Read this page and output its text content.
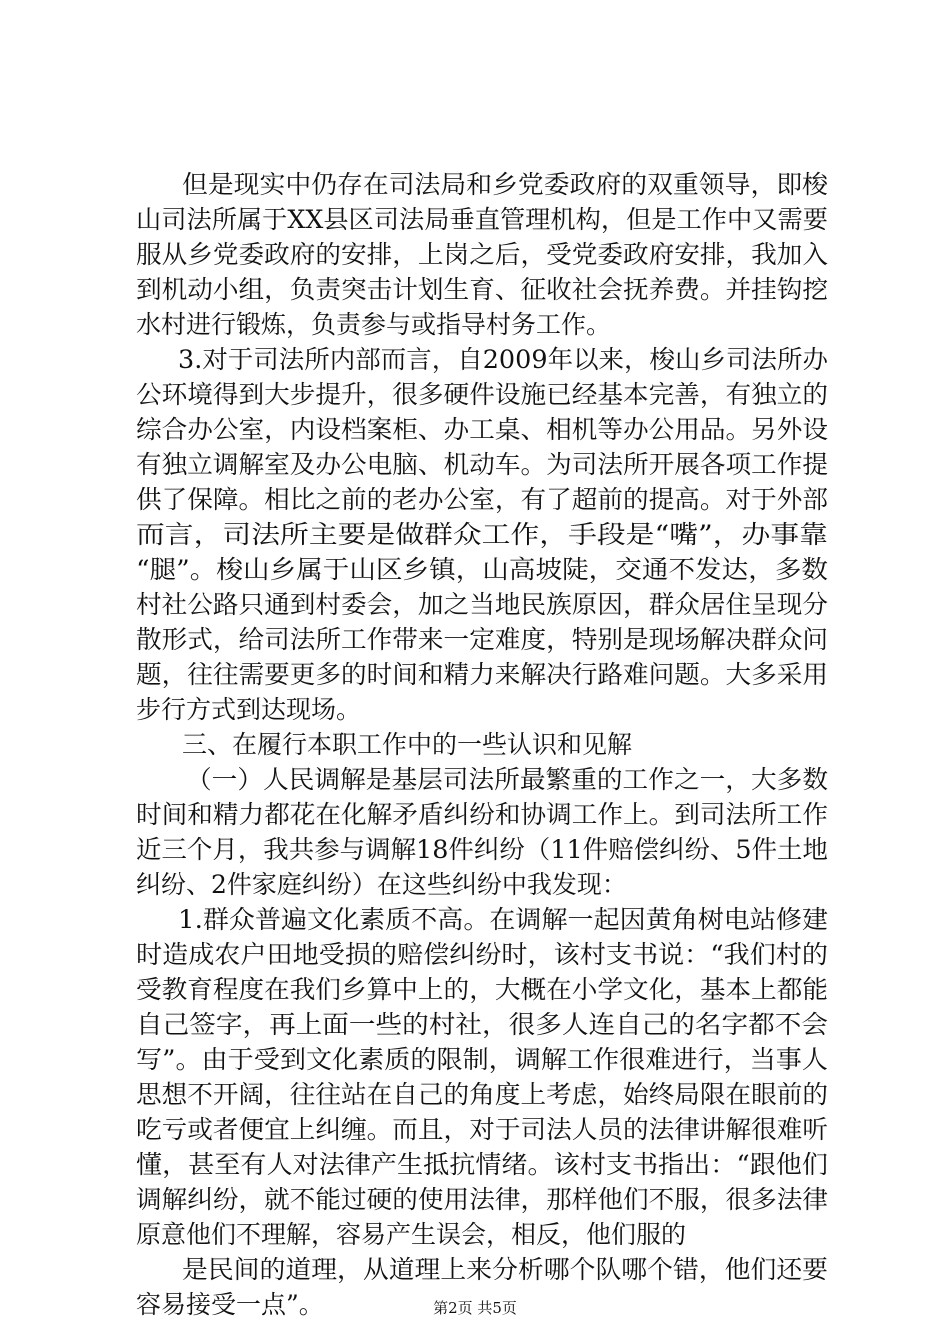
但是现实中仍存在司法局和乡党委政府的双重领导，即梭
山司法所属于XX县区司法局垂直管理机构，但是工作中又需要
服从乡党委政府的安排，上岗之后，受党委政府安排，我加入
到机动小组，负责突击计划生育、征收社会抚养费。并挂钩挖
水村进行锻炼，负责参与或指导村务工作。
3.对于司法所内部而言，自2009年以来，梭山乡司法所办
公环境得到大步提升，很多硬件设施已经基本完善，有独立的
综合办公室，内设档案柜、办工桌、相机等办公用品。另外设
有独立调解室及办公电脑、机动车。为司法所开展各项工作提
供了保障。相比之前的老办公室，有了超前的提高。对于外部
而言，司法所主要是做群众工作，手段是“嘴”，办事靠
“腿”。梭山乡属于山区乡镇，山高坡陡，交通不发达，多数
村社公路只通到村委会，加之当地民族原因，群众居住呈现分
散形式，给司法所工作带来一定难度，特别是现场解决群众问
题，往往需要更多的时间和精力来解决行路难问题。大多采用
步行方式到达现场。
三、在履行本职工作中的一些认识和见解
（一）人民调解是基层司法所最繁重的工作之一，大多数
时间和精力都花在化解矛盾纠纷和协调工作上。到司法所工作
近三个月，我共参与调解18件纠纷（11件赔偿纠纷、5件土地
纠纷、2件家庭纠纷）在这些纠纷中我发现：
1.群众普遍文化素质不高。在调解一起因黄角树电站修建
时造成农户田地受损的赔偿纠纷时，该村支书说：“我们村的
受教育程度在我们乡算中上的，大概在小学文化，基本上都能
自己签字，再上面一些的村社，很多人连自己的名字都不会
写”。由于受到文化素质的限制，调解工作很难进行，当事人
思想不开阔，往往站在自己的角度上考虑，始终局限在眼前的
吃亏或者便宜上纠缠。而且，对于司法人员的法律讲解很难听
懂，甚至有人对法律产生抵抗情绪。该村支书指出：“跟他们
调解纠纷，就不能过硬的使用法律，那样他们不服，很多法律
原意他们不理解，容易产生误会，相反，他们服的
是民间的道理，从道理上来分析哪个队哪个错，他们还要
容易接受一点”。	第2页 共5页
